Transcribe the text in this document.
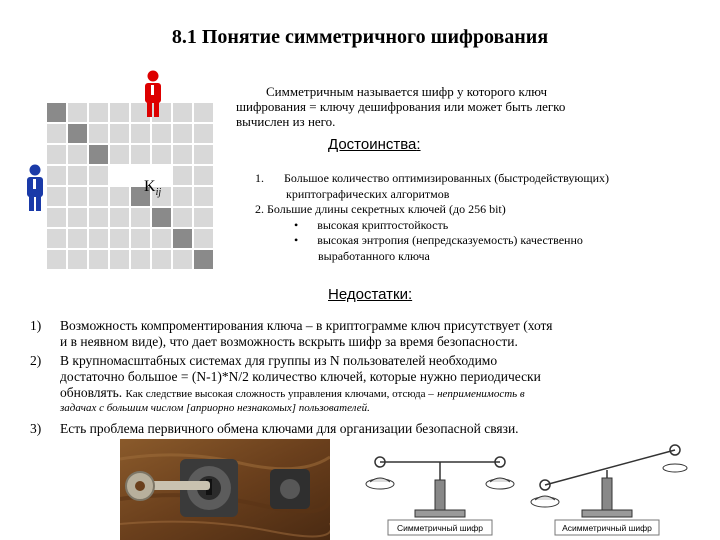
8.1 Понятие симметричного шифрования
$K_{ij}$
Симметричным называется шифр у которого ключ
шифрования = ключу дешифрования или может быть легко
вычислен из него.
Достоинства:
1. Большое количество оптимизированных (быстродействующих)
криптографических алгоритмов
2. Большие длины секретных ключей (до 256 bit)
• высокая криптостойкость
• высокая энтропия (непредсказуемость) качественно
выработанного ключа
Недостатки:
1) Возможность компроментирования ключа – в криптограмме ключ присутствует (хотя
и в неявном виде), что дает возможность вскрыть шифр за время безопасности.
2) В крупномасштабных системах для группы из N пользователей необходимо
достаточно большое = (N-1)*N/2 количество ключей, которые нужно периодически
обновлять. Как следствие высокая сложность управления ключами, отсюда – неприменимость в
задачах с большим числом [априорно незнакомых] пользователей.
3) Есть проблема первичного обмена ключами для организации безопасной связи.
Симметричный шифр	Асимметричный шифр
